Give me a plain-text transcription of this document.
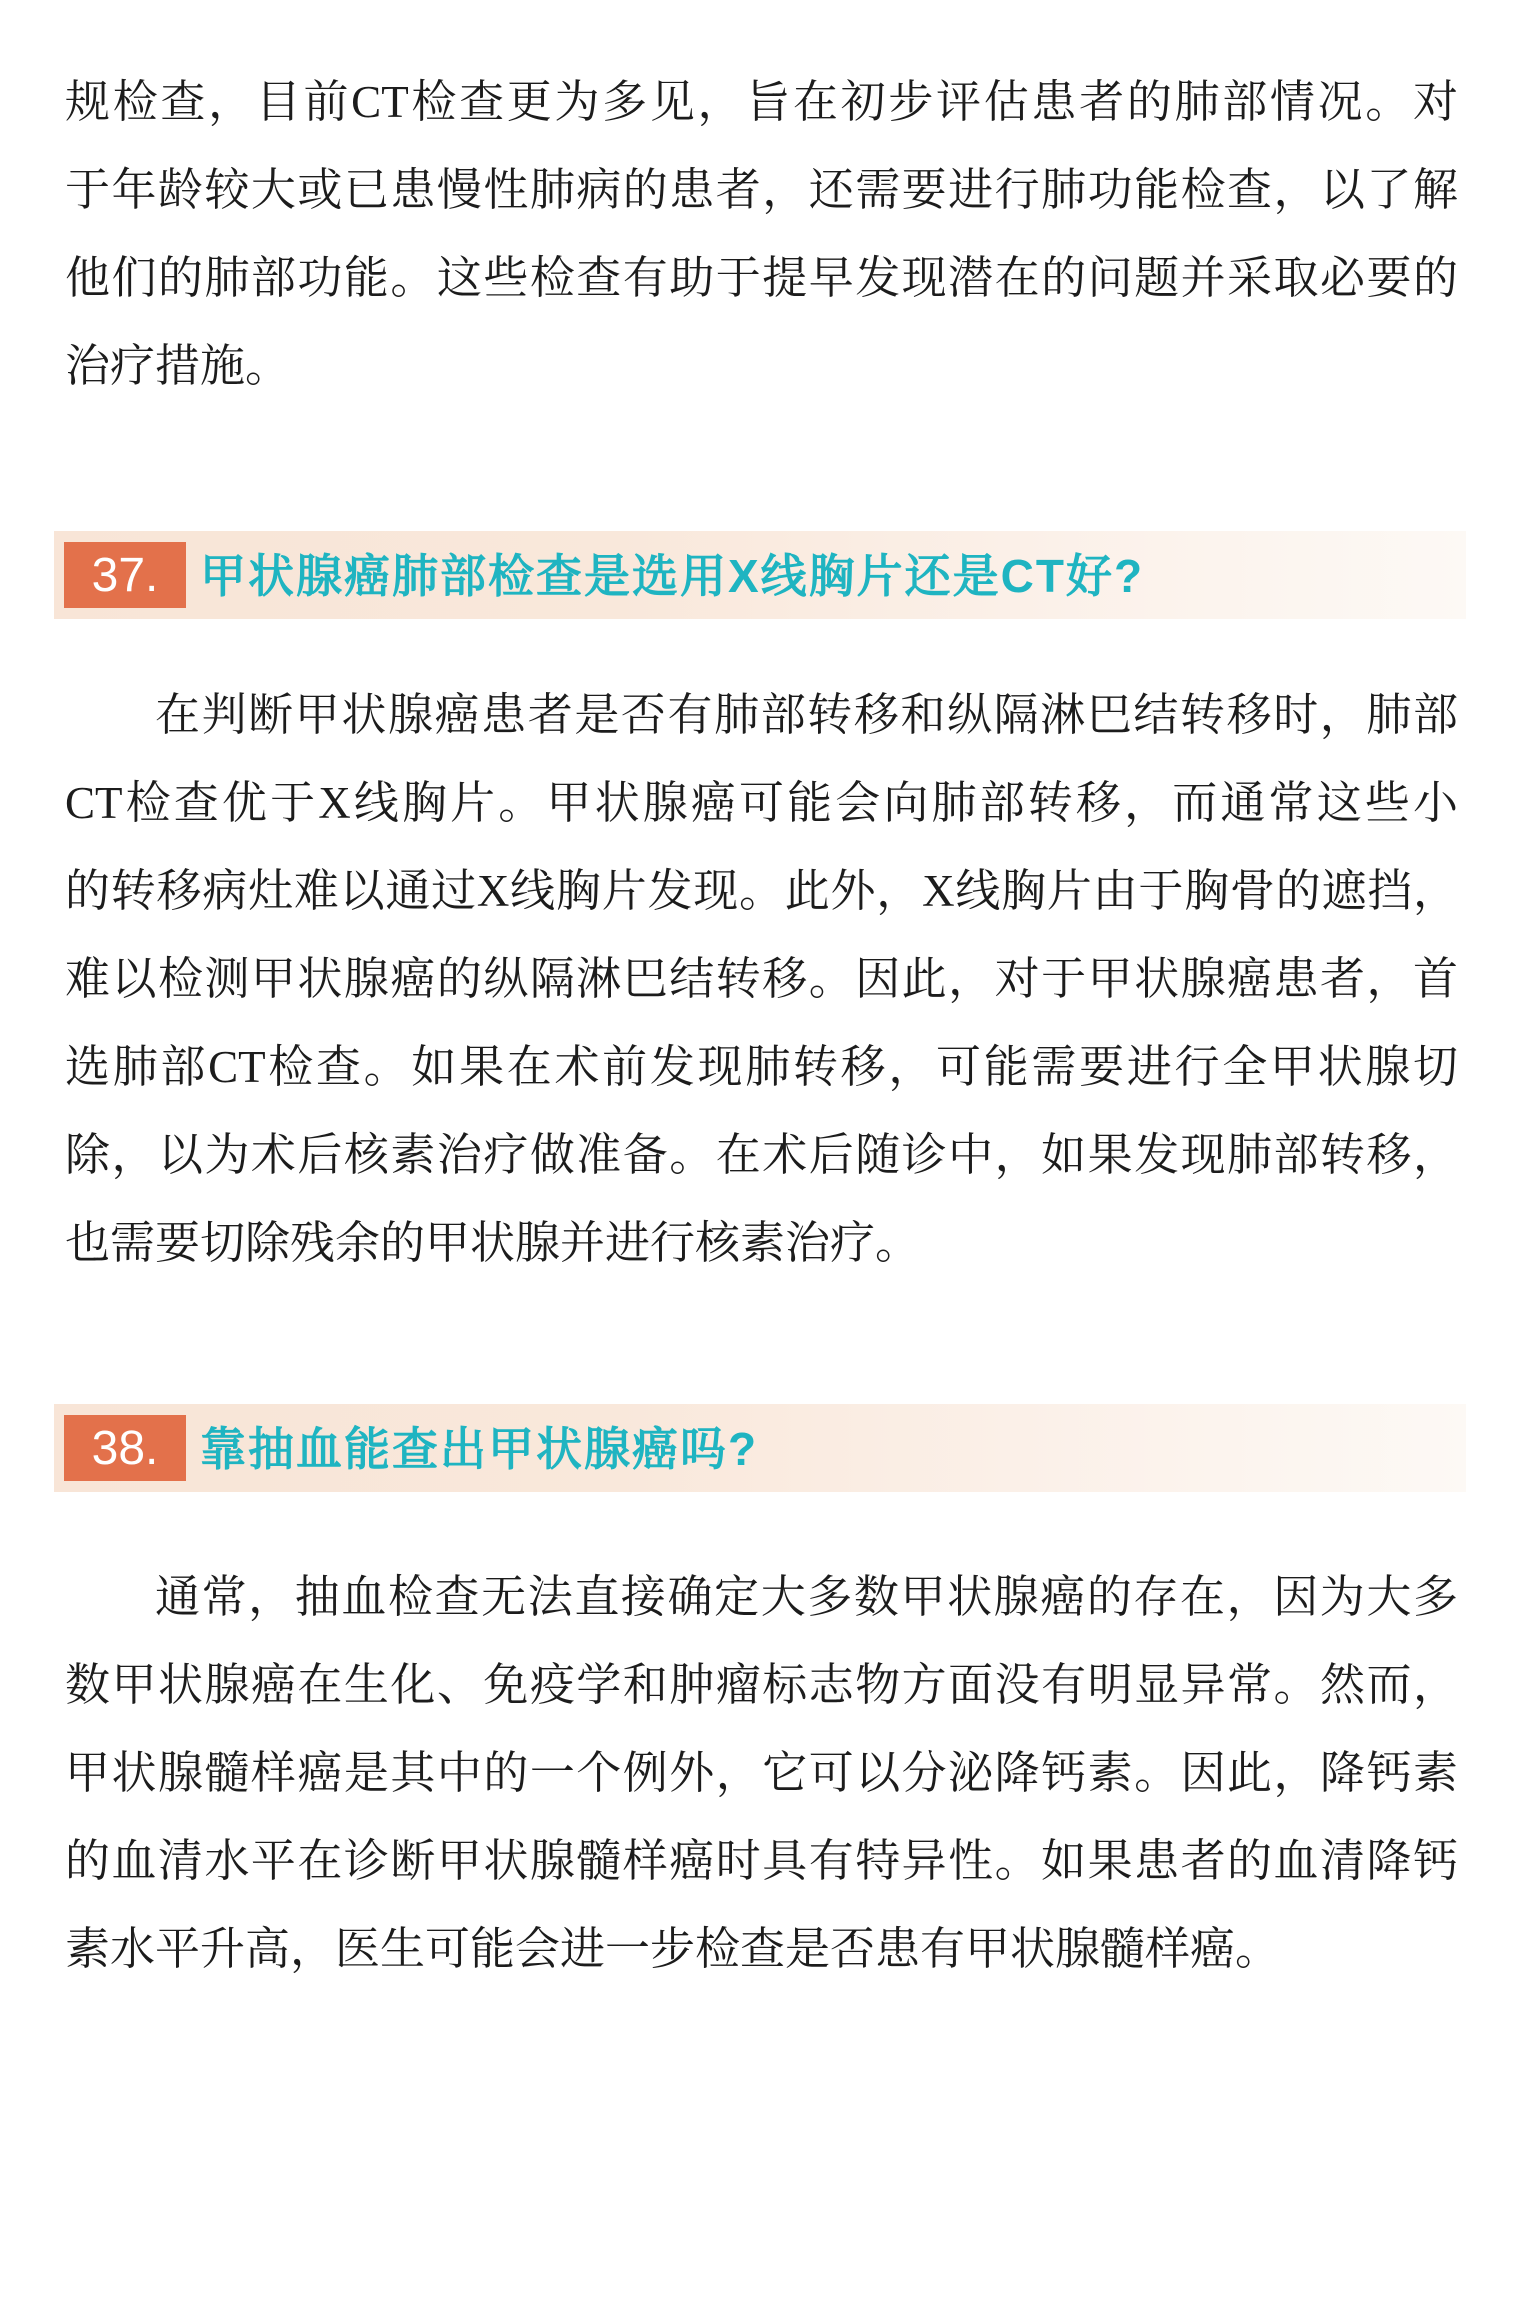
规检查，目前CT检查更为多见，旨在初步评估患者的肺部情况。对
于年龄较大或已患慢性肺病的患者，还需要进行肺功能检查，以了解
他们的肺部功能。这些检查有助于提早发现潜在的问题并采取必要的
治疗措施。
37. 甲状腺癌肺部检查是选用X线胸片还是CT好?
在判断甲状腺癌患者是否有肺部转移和纵隔淋巴结转移时，肺部
CT检查优于X线胸片。甲状腺癌可能会向肺部转移，而通常这些小
的转移病灶难以通过X线胸片发现。此外，X线胸片由于胸骨的遮挡，
难以检测甲状腺癌的纵隔淋巴结转移。因此，对于甲状腺癌患者，首
选肺部CT检查。如果在术前发现肺转移，可能需要进行全甲状腺切
除，以为术后核素治疗做准备。在术后随诊中，如果发现肺部转移，
也需要切除残余的甲状腺并进行核素治疗。
38. 靠抽血能查出甲状腺癌吗?
通常，抽血检查无法直接确定大多数甲状腺癌的存在，因为大多
数甲状腺癌在生化、免疫学和肿瘤标志物方面没有明显异常。然而，
甲状腺髓样癌是其中的一个例外，它可以分泌降钙素。因此，降钙素
的血清水平在诊断甲状腺髓样癌时具有特异性。如果患者的血清降钙
素水平升高，医生可能会进一步检查是否患有甲状腺髓样癌。
